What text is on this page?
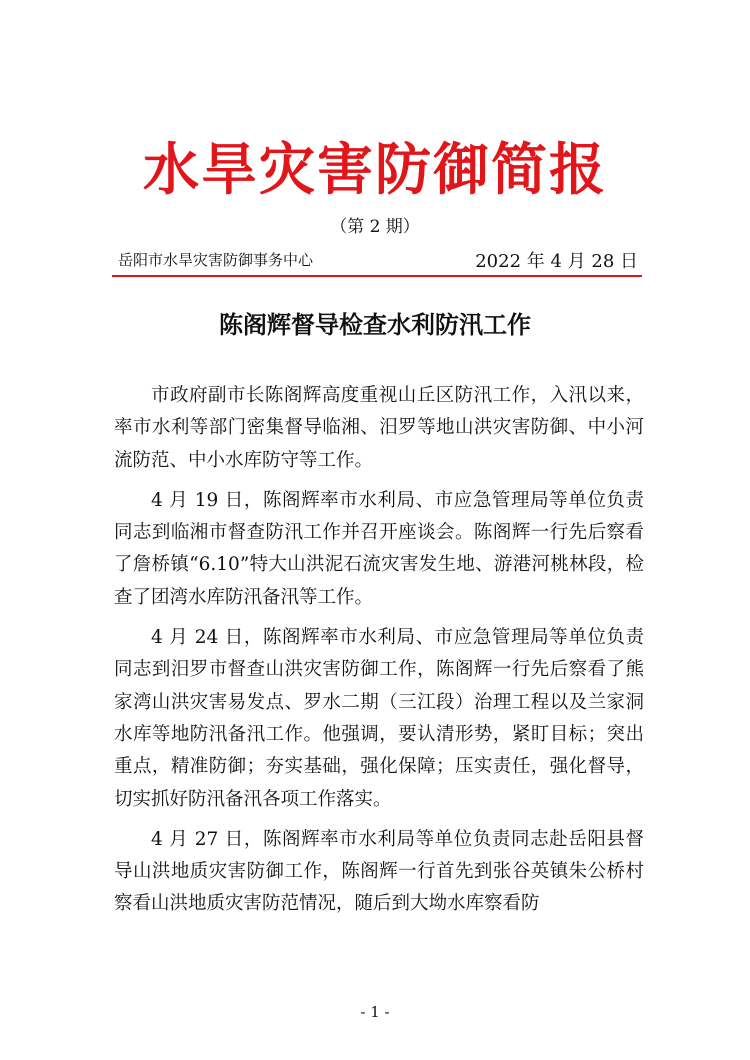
水旱灾害防御简报
（第 2 期）
岳阳市水旱灾害防御事务中心	2022 年 4 月 28 日
陈阁辉督导检查水利防汛工作

市政府副市长陈阁辉高度重视山丘区防汛工作，入汛以来，率市水利等部门密集督导临湘、汨罗等地山洪灾害防御、中小河流防范、中小水库防守等工作。

4 月 19 日，陈阁辉率市水利局、市应急管理局等单位负责同志到临湘市督查防汛工作并召开座谈会。陈阁辉一行先后察看了詹桥镇“6.10”特大山洪泥石流灾害发生地、游港河桃林段，检查了团湾水库防汛备汛等工作。

4 月 24 日，陈阁辉率市水利局、市应急管理局等单位负责同志到汨罗市督查山洪灾害防御工作，陈阁辉一行先后察看了熊家湾山洪灾害易发点、罗水二期（三江段）治理工程以及兰家洞水库等地防汛备汛工作。他强调，要认清形势，紧盯目标；突出重点，精准防御；夯实基础，强化保障；压实责任，强化督导，切实抓好防汛备汛各项工作落实。

4 月 27 日，陈阁辉率市水利局等单位负责同志赴岳阳县督导山洪地质灾害防御工作，陈阁辉一行首先到张谷英镇朱公桥村察看山洪地质灾害防范情况，随后到大坳水库察看防

- 1 -
